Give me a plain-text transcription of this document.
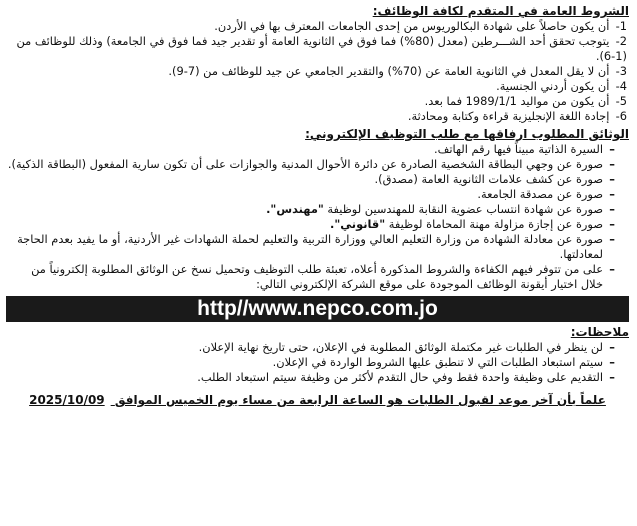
الشروط العامة في المتقدم لكافة الوظائف:

1- أن يكون حاصلاً على شهادة البكالوريوس من إحدى الجامعات المعترف بها في الأردن.
2- يتوجب تحقق أحد الشـــرطين (معدل (80%) فما فوق في الثانوية العامة أو تقدير جيد فما فوق في الجامعة) وذلك للوظائف من (1-6).
3- أن لا يقل المعدل في الثانوية العامة عن (70%) والتقدير الجامعي عن جيد للوظائف من (7-9).
4- أن يكون أردني الجنسية.
5- أن يكون من مواليد 1989/1/1 فما بعد.
6- إجادة اللغة الإنجليزية قراءة وكتابة ومحادثة.

الوثائق المطلوب ارفاقها مع طلب التوظيف الإلكتروني:

–
السيرة الذاتية مبيناً فيها رقم الهاتف.
–
صورة عن وجهي البطاقة الشخصية الصادرة عن دائرة الأحوال المدنية والجوازات على أن تكون سارية المفعول (البطاقة الذكية).
–
صورة عن كشف علامات الثانوية العامة (مصدق).
–
صورة عن مصدقة الجامعة.
–
صورة عن شهادة انتساب عضوية النقابة للمهندسين لوظيفة "مهندس".
–
صورة عن إجازة مزاولة مهنة المحاماة لوظيفة "قانوني".
–
صورة عن معادلة الشهادة من وزارة التعليم العالي ووزارة التربية والتعليم لحملة الشهادات غير الأردنية، أو ما يفيد بعدم الحاجة لمعادلتها.
–
على من تتوفر فيهم الكفاءة والشروط المذكورة أعلاه، تعبئة طلب التوظيف وتحميل نسخ عن الوثائق المطلوبة إلكترونياً من خلال اختيار أيقونة الوظائف الموجودة على موقع الشركة الإلكتروني التالي:
http//www.nepco.com.jo

ملاحظات:

–
لن ينظر في الطلبات غير مكتملة الوثائق المطلوبة في الإعلان، حتى تاريخ نهاية الإعلان.
–
سيتم استبعاد الطلبات التي لا تنطبق عليها الشروط الواردة في الإعلان.
–
التقديم على وظيفة واحدة فقط وفي حال التقدم لأكثر من وظيفة سيتم استبعاد الطلب.
علماً بأن آخر موعد لقبول الطلبات هو الساعة الرابعة من مساء يوم الخميس الموافق 2025/10/09
